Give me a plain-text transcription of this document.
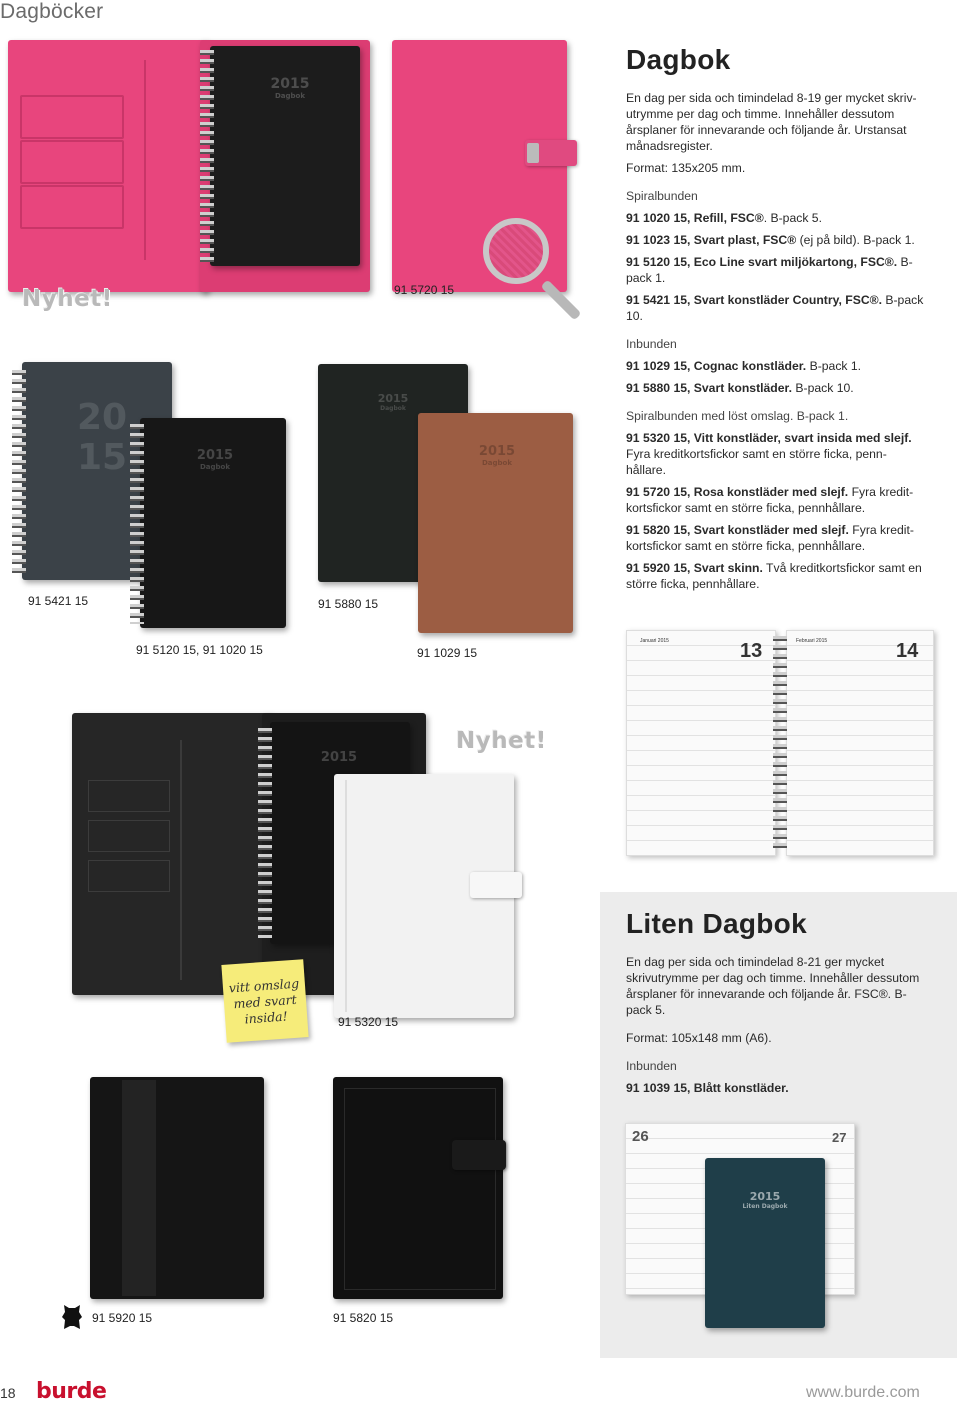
Dagböcker
2015
Dagbok
Nyhet!	91 5720 15
Dagbok

En dag per sida och timindelad 8-19 ger mycket skriv-utrymme per dag och timme. Innehåller dessutom årsplaner för innevarande och följande år. Urstansat månadsregister.

Format: 135x205 mm.

Spiralbunden

91 1020 15, Refill, FSC®. B-pack 5.

91 1023 15, Svart plast, FSC® (ej på bild). B-pack 1.

91 5120 15, Eco Line svart miljökartong, FSC®. B-pack 1.

91 5421 15, Svart konstläder Country, FSC®. B-pack 10.

Inbunden

91 1029 15, Cognac konstläder. B-pack 1.

91 5880 15, Svart konstläder. B-pack 10.

Spiralbunden med löst omslag. B-pack 1.

91 5320 15, Vitt konstläder, svart insida med slejf. Fyra kreditkortsfickor samt en större ficka, penn-hållare.

91 5720 15, Rosa konstläder med slejf. Fyra kredit-kortsfickor samt en större ficka, pennhållare.

91 5820 15, Svart konstläder med slejf. Fyra kredit-kortsfickor samt en större ficka, pennhållare.

91 5920 15, Svart skinn. Två kreditkortsfickor samt en större ficka, pennhållare.

20
15	2015
Dagbok
2015
Dagbok
2015
Dagbok
91 5421 15	91 5880 15
91 5120 15, 91 1020 15	91 1029 15
Januari 2015	13	Februari 2015	14
2015
Nyhet!
vitt omslag med svart insida!	91 5320 15
Liten Dagbok

En dag per sida och timindelad 8-21 ger mycket skrivutrymme per dag och timme. Innehåller dessutom årsplaner för innevarande och följande år. FSC®. B-pack 5.

Format: 105x148 mm (A6).

Inbunden

91 1039 15, Blått konstläder.

26	27
2015
Liten Dagbok
91 5920 15	91 5820 15
18 burde	www.burde.com
